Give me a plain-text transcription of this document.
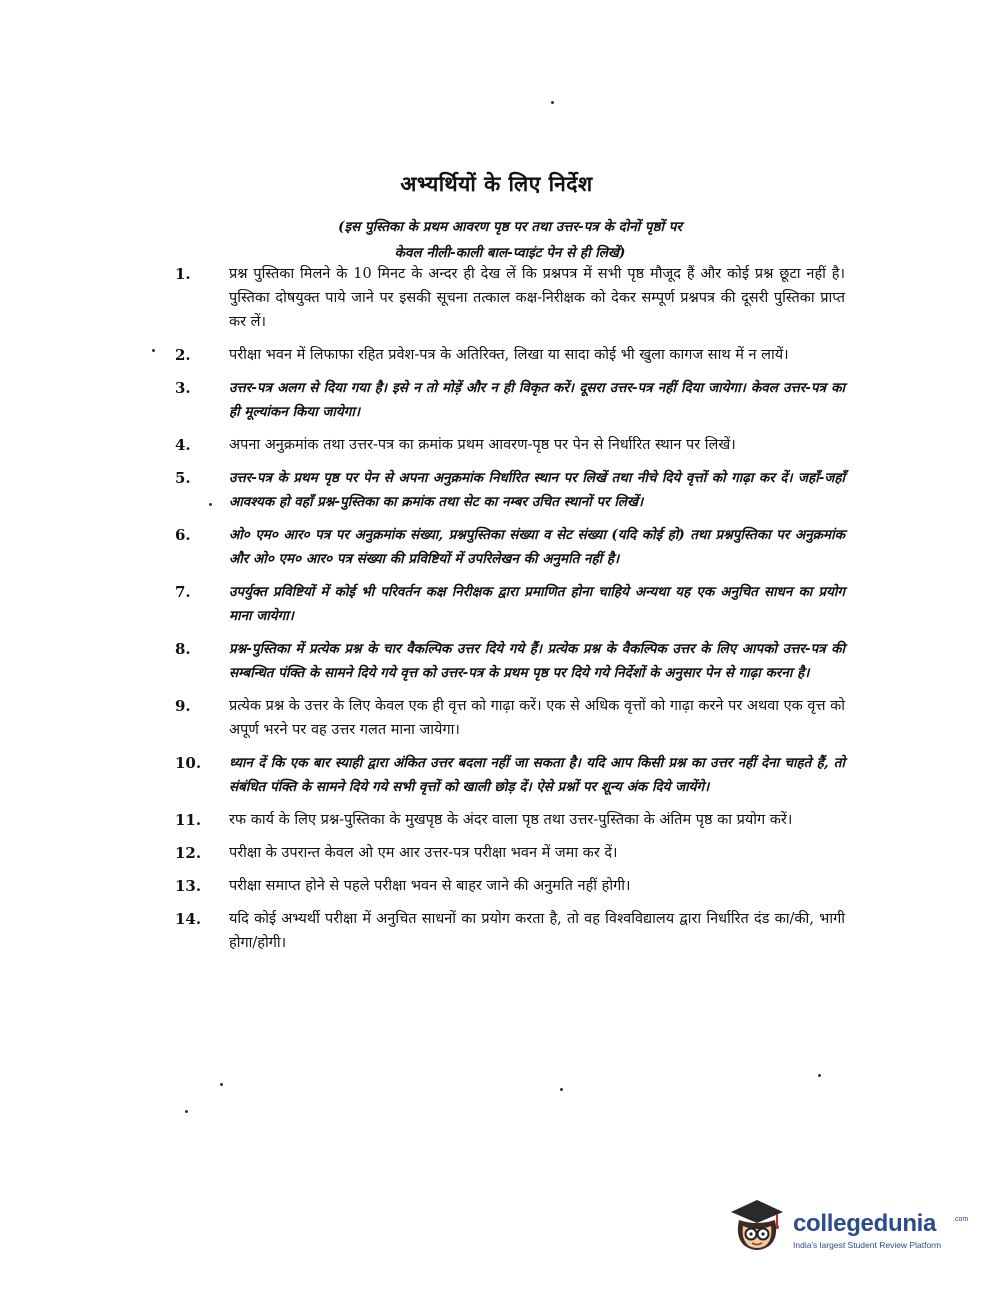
अभ्यर्थियों के लिए निर्देश
(इस पुस्तिका के प्रथम आवरण पृष्ठ पर तथा उत्तर-पत्र के दोनों पृष्ठों पर
केवल नीली-काली बाल-प्वाइंट पेन से ही लिखें)
1.	प्रश्न पुस्तिका मिलने के 10 मिनट के अन्दर ही देख लें कि प्रश्नपत्र में सभी पृष्ठ मौजूद हैं और कोई प्रश्न छूटा नहीं है। पुस्तिका दोषयुक्त पाये जाने पर इसकी सूचना तत्काल कक्ष-निरीक्षक को देकर सम्पूर्ण प्रश्नपत्र की दूसरी पुस्तिका प्राप्त कर लें।
2.	परीक्षा भवन में लिफाफा रहित प्रवेश-पत्र के अतिरिक्त, लिखा या सादा कोई भी खुला कागज साथ में न लायें।
3.	उत्तर-पत्र अलग से दिया गया है। इसे न तो मोड़ें और न ही विकृत करें। दूसरा उत्तर-पत्र नहीं दिया जायेगा। केवल उत्तर-पत्र का ही मूल्यांकन किया जायेगा।
4.	अपना अनुक्रमांक तथा उत्तर-पत्र का क्रमांक प्रथम आवरण-पृष्ठ पर पेन से निर्धारित स्थान पर लिखें।
5.	उत्तर-पत्र के प्रथम पृष्ठ पर पेन से अपना अनुक्रमांक निर्धारित स्थान पर लिखें तथा नीचे दिये वृत्तों को गाढ़ा कर दें। जहाँ-जहाँ आवश्यक हो वहाँ प्रश्न-पुस्तिका का क्रमांक तथा सेट का नम्बर उचित स्थानों पर लिखें।
6.	ओ० एम० आर० पत्र पर अनुक्रमांक संख्या, प्रश्नपुस्तिका संख्या व सेट संख्या (यदि कोई हो) तथा प्रश्नपुस्तिका पर अनुक्रमांक और ओ० एम० आर० पत्र संख्या की प्रविष्टियों में उपरिलेखन की अनुमति नहीं है।
7.	उपर्युक्त प्रविष्टियों में कोई भी परिवर्तन कक्ष निरीक्षक द्वारा प्रमाणित होना चाहिये अन्यथा यह एक अनुचित साधन का प्रयोग माना जायेगा।
8.	प्रश्न-पुस्तिका में प्रत्येक प्रश्न के चार वैकल्पिक उत्तर दिये गये हैं। प्रत्येक प्रश्न के वैकल्पिक उत्तर के लिए आपको उत्तर-पत्र की सम्बन्धित पंक्ति के सामने दिये गये वृत्त को उत्तर-पत्र के प्रथम पृष्ठ पर दिये गये निर्देशों के अनुसार पेन से गाढ़ा करना है।
9.	प्रत्येक प्रश्न के उत्तर के लिए केवल एक ही वृत्त को गाढ़ा करें। एक से अधिक वृत्तों को गाढ़ा करने पर अथवा एक वृत्त को अपूर्ण भरने पर वह उत्तर गलत माना जायेगा।
10.	ध्यान दें कि एक बार स्याही द्वारा अंकित उत्तर बदला नहीं जा सकता है। यदि आप किसी प्रश्न का उत्तर नहीं देना चाहते हैं, तो संबंधित पंक्ति के सामने दिये गये सभी वृत्तों को खाली छोड़ दें। ऐसे प्रश्नों पर शून्य अंक दिये जायेंगे।
11.	रफ कार्य के लिए प्रश्न-पुस्तिका के मुखपृष्ठ के अंदर वाला पृष्ठ तथा उत्तर-पुस्तिका के अंतिम पृष्ठ का प्रयोग करें।
12.	परीक्षा के उपरान्त केवल ओ एम आर उत्तर-पत्र परीक्षा भवन में जमा कर दें।
13.	परीक्षा समाप्त होने से पहले परीक्षा भवन से बाहर जाने की अनुमति नहीं होगी।
14.	यदि कोई अभ्यर्थी परीक्षा में अनुचित साधनों का प्रयोग करता है, तो वह विश्वविद्यालय द्वारा निर्धारित दंड का/की, भागी होगा/होगी।
collegedunia .com
India's largest Student Review Platform
